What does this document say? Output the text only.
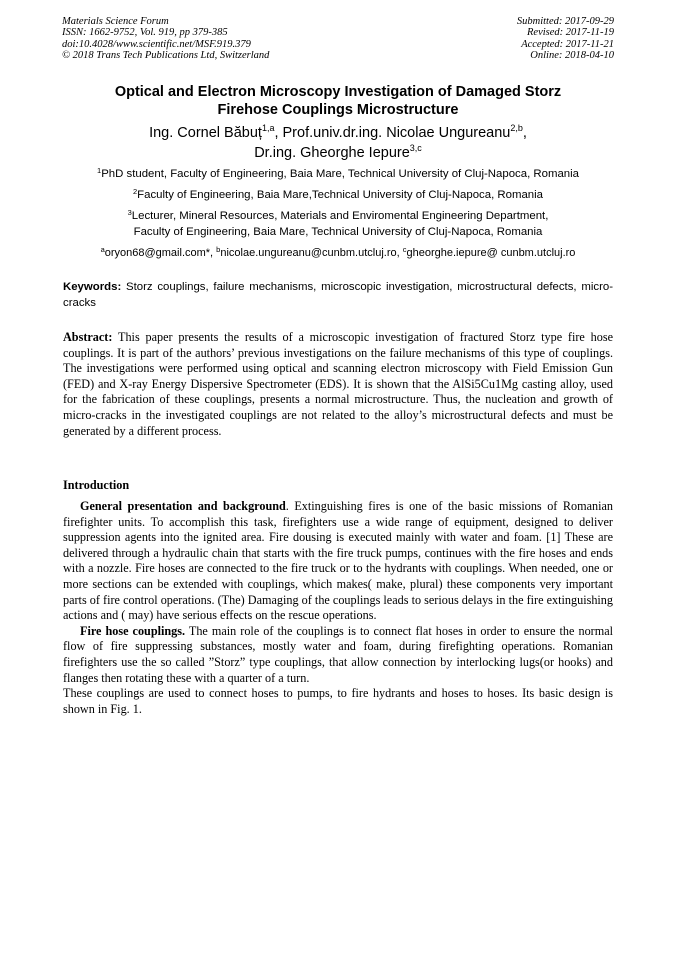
Materials Science Forum
ISSN: 1662-9752, Vol. 919, pp 379-385
doi:10.4028/www.scientific.net/MSF.919.379
© 2018 Trans Tech Publications Ltd, Switzerland
Submitted: 2017-09-29
Revised: 2017-11-19
Accepted: 2017-11-21
Online: 2018-04-10
Optical and Electron Microscopy Investigation of Damaged Storz
Firehose Couplings Microstructure
Ing. Cornel Băbuț$^{1,a}$, Prof.univ.dr.ing. Nicolae Ungureanu$^{2,b}$,
Dr.ing. Gheorghe Iepure$^{3,c}$
$^1$PhD student, Faculty of Engineering, Baia Mare, Technical University of Cluj-Napoca, Romania
$^2$Faculty of Engineering, Baia Mare,Technical University of Cluj-Napoca, Romania
$^3$Lecturer, Mineral Resources, Materials and Enviromental Engineering Department,
Faculty of Engineering, Baia Mare, Technical University of Cluj-Napoca, Romania
$^a$oryon68@gmail.com*, $^b$nicolae.ungureanu@cunbm.utcluj.ro, $^c$gheorghe.iepure@ cunbm.utcluj.ro
Keywords: Storz couplings, failure mechanisms, microscopic investigation, microstructural defects, micro-cracks

Abstract: This paper presents the results of a microscopic investigation of fractured Storz type fire hose couplings. It is part of the authors’ previous investigations on the failure mechanisms of this type of couplings. The investigations were performed using optical and scanning electron microscopy with Field Emission Gun (FED) and X-ray Energy Dispersive Spectrometer (EDS). It is shown that the AlSi5Cu1Mg casting alloy, used for the fabrication of these couplings, presents a normal microstructure. Thus, the nucleation and growth of micro-cracks in the investigated couplings are not related to the alloy’s microstructural defects and must be generated by a different process.

Introduction

General presentation and background. Extinguishing fires is one of the basic missions of Romanian firefighter units. To accomplish this task, firefighters use a wide range of equipment, designed to deliver suppression agents into the ignited area. Fire dousing is executed mainly with water and foam. [1] These are delivered through a hydraulic chain that starts with the fire truck pumps, continues with the fire hoses and ends with a nozzle. Fire hoses are connected to the fire truck or to the hydrants with couplings. When needed, one or more sections can be extended with couplings, which makes( make, plural) these components very important parts of fire control operations. (The) Damaging of the couplings leads to serious delays in the fire extinguishing actions and ( may) have serious effects on the rescue operations.

Fire hose couplings. The main role of the couplings is to connect flat hoses in order to ensure the normal flow of fire suppressing substances, mostly water and foam, during firefighting operations. Romanian firefighters use the so called ”Storz” type couplings, that allow connection by interlocking lugs(or hooks) and flanges then rotating these with a quarter of a turn.

These couplings are used to connect hoses to pumps, to fire hydrants and hoses to hoses. Its basic design is shown in Fig. 1.
